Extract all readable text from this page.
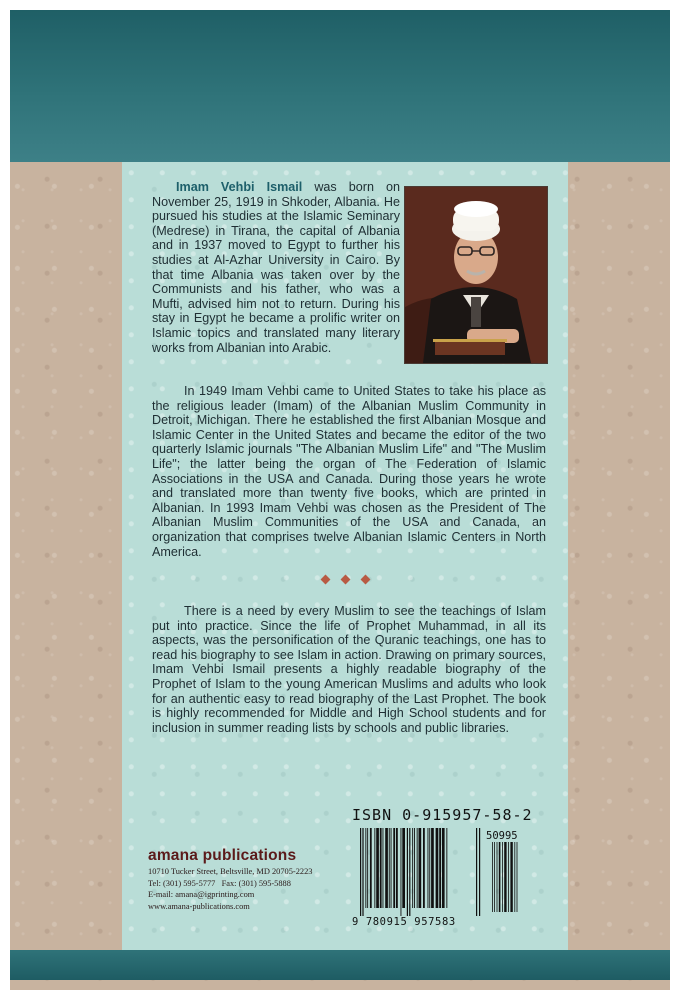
Imam Vehbi Ismail was born on November 25, 1919 in Shkoder, Albania. He pursued his studies at the Islamic Seminary (Medrese) in Tirana, the capital of Albania and in 1937 moved to Egypt to further his studies at Al-Azhar University in Cairo. By that time Albania was taken over by the Communists and his father, who was a Mufti, advised him not to return. During his stay in Egypt he became a prolific writer on Islamic topics and translated many literary works from Albanian into Arabic.

In 1949 Imam Vehbi came to United States to take his place as the religious leader (Imam) of the Albanian Muslim Community in Detroit, Michigan. There he established the first Albanian Mosque and Islamic Center in the United States and became the editor of the two quarterly Islamic journals "The Albanian Muslim Life" and "The Muslim Life"; the latter being the organ of The Federation of Islamic Associations in the USA and Canada. During those years he wrote and translated more than twenty five books, which are printed in Albanian. In 1993 Imam Vehbi was chosen as the President of The Albanian Muslim Communities of the USA and Canada, an organization that comprises twelve Albanian Islamic Centers in North America.

There is a need by every Muslim to see the teachings of Islam put into practice. Since the life of Prophet Muhammad, in all its aspects, was the personification of the Quranic teachings, one has to read his biography to see Islam in action. Drawing on primary sources, Imam Vehbi Ismail presents a highly readable biography of the Prophet of Islam to the young American Muslims and adults who look for an authentic easy to read biography of the Last Prophet. The book is highly recommended for Middle and High School students and for inclusion in summer reading lists by schools and public libraries.

amana publications
10710 Tucker Street, Beltsville, MD 20705-2223
Tel: (301) 595-5777   Fax: (301) 595-5888
E-mail: amana@igprinting.com
www.amana-publications.com
ISBN 0-915957-58-2
50995
9 780915 957583
